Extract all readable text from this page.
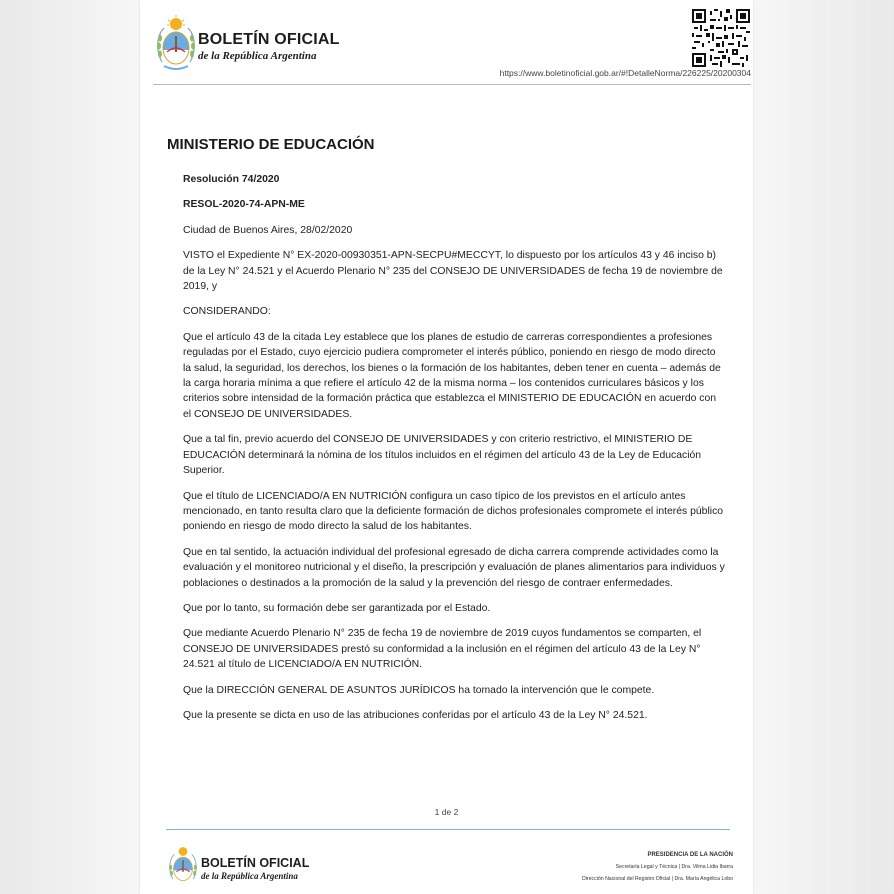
BOLETÍN OFICIAL
de la República Argentina
https://www.boletinoficial.gob.ar/#!DetalleNorma/226225/20200304
MINISTERIO DE EDUCACIÓN

Resolución 74/2020

RESOL-2020-74-APN-ME

Ciudad de Buenos Aires, 28/02/2020

VISTO el Expediente N° EX-2020-00930351-APN-SECPU#MECCYT, lo dispuesto por los artículos 43 y 46 inciso b) de la Ley N° 24.521 y el Acuerdo Plenario N° 235 del CONSEJO DE UNIVERSIDADES de fecha 19 de noviembre de 2019, y

CONSIDERANDO:

Que el artículo 43 de la citada Ley establece que los planes de estudio de carreras correspondientes a profesiones reguladas por el Estado, cuyo ejercicio pudiera comprometer el interés público, poniendo en riesgo de modo directo la salud, la seguridad, los derechos, los bienes o la formación de los habitantes, deben tener en cuenta – además de la carga horaria mínima a que refiere el artículo 42 de la misma norma – los contenidos curriculares básicos y los criterios sobre intensidad de la formación práctica que establezca el MINISTERIO DE EDUCACIÓN en acuerdo con el CONSEJO DE UNIVERSIDADES.

Que a tal fin, previo acuerdo del CONSEJO DE UNIVERSIDADES y con criterio restrictivo, el MINISTERIO DE EDUCACIÓN determinará la nómina de los títulos incluidos en el régimen del artículo 43 de la Ley de Educación Superior.

Que el título de LICENCIADO/A EN NUTRICIÓN configura un caso típico de los previstos en el artículo antes mencionado, en tanto resulta claro que la deficiente formación de dichos profesionales compromete el interés público poniendo en riesgo de modo directo la salud de los habitantes.

Que en tal sentido, la actuación individual del profesional egresado de dicha carrera comprende actividades como la evaluación y el monitoreo nutricional y el diseño, la prescripción y evaluación de planes alimentarios para individuos y poblaciones o destinados a la promoción de la salud y la prevención del riesgo de contraer enfermedades.

Que por lo tanto, su formación debe ser garantizada por el Estado.

Que mediante Acuerdo Plenario N° 235 de fecha 19 de noviembre de 2019 cuyos fundamentos se comparten, el CONSEJO DE UNIVERSIDADES prestó su conformidad a la inclusión en el régimen del artículo 43 de la Ley N° 24.521 al título de LICENCIADO/A EN NUTRICIÓN.

Que la DIRECCIÓN GENERAL DE ASUNTOS JURÍDICOS ha tomado la intervención que le compete.

Que la presente se dicta en uso de las atribuciones conferidas por el artículo 43 de la Ley N° 24.521.

1 de 2
BOLETÍN OFICIAL
de la República Argentina
PRESIDENCIA DE LA NACIÓN
Secretaría Legal y Técnica | Dra. Vilma Lidia Ibarra
Dirección Nacional del Registro Oficial | Dra. María Angélica Lobo
